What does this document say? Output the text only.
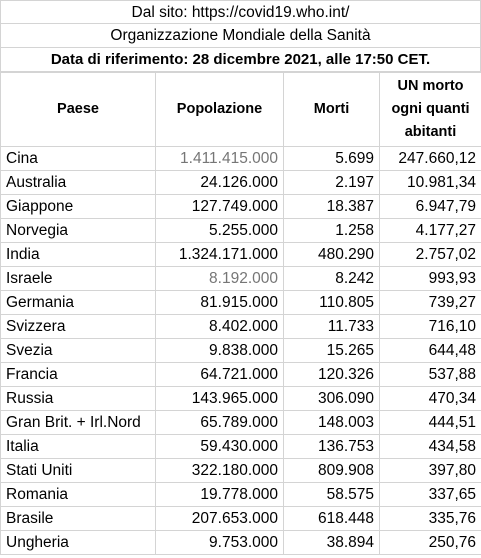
Dal sito: https://covid19.who.int/
Organizzazione Mondiale della Sanità
Data di riferimento: 28 dicembre 2021, alle 17:50 CET.
Paese	Popolazione	Morti	UN morto
ogni quanti
abitanti

Cina	1.411.415.000	5.699	247.660,12
Australia	24.126.000	2.197	10.981,34
Giappone	127.749.000	18.387	6.947,79
Norvegia	5.255.000	1.258	4.177,27
India	1.324.171.000	480.290	2.757,02
Israele	8.192.000	8.242	993,93
Germania	81.915.000	110.805	739,27
Svizzera	8.402.000	11.733	716,10
Svezia	9.838.000	15.265	644,48
Francia	64.721.000	120.326	537,88
Russia	143.965.000	306.090	470,34
Gran Brit. + Irl.Nord	65.789.000	148.003	444,51
Italia	59.430.000	136.753	434,58
Stati Uniti	322.180.000	809.908	397,80
Romania	19.778.000	58.575	337,65
Brasile	207.653.000	618.448	335,76
Ungheria	9.753.000	38.894	250,76
